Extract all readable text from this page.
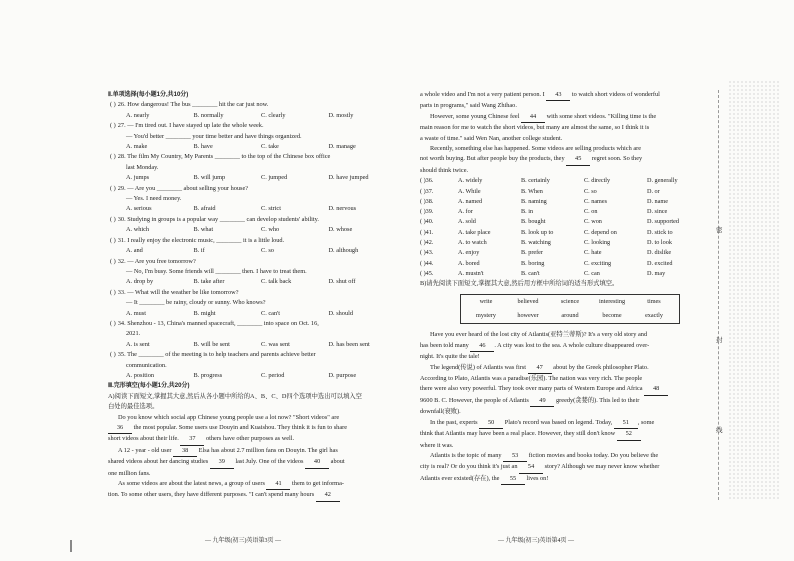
密
封
线
Ⅱ.单项选择(每小题1分,共10分)
( ) 26. How dangerous! The bus ________ hit the car just now.
A. nearly	B. normally	C. clearly	D. mostly
( ) 27. — I'm tired out. I have stayed up late the whole week.
— You'd better ________ your time better and have things organized.
A. make	B. have	C. take	D. manage
( ) 28. The film My Country, My Parents ________ to the top of the Chinese box office
last Monday.
A. jumps	B. will jump	C. jumped	D. have jumped
( ) 29. — Are you ________ about selling your house?
— Yes. I need money.
A. serious	B. afraid	C. strict	D. nervous
( ) 30. Studying in groups is a popular way ________ can develop students' ability.
A. which	B. what	C. who	D. whose
( ) 31. I really enjoy the electronic music, ________ it is a little loud.
A. and	B. if	C. so	D. although
( ) 32. — Are you free tomorrow?
— No, I'm busy. Some friends will ________ then. I have to treat them.
A. drop by	B. take after	C. talk back	D. shut off
( ) 33. — What will the weather be like tomorrow?
— It ________ be rainy, cloudy or sunny. Who knows?
A. must	B. might	C. can't	D. should
( ) 34. Shenzhou - 13, China's manned spacecraft, ________ into space on Oct. 16,
2021.
A. is sent	B. will be sent	C. was sent	D. has been sent
( ) 35. The ________ of the meeting is to help teachers and parents achieve better
communication.
A. position	B. progress	C. period	D. purpose
Ⅲ.完形填空(每小题1分,共20分)
A)阅读下面短文,掌握其大意,然后从各小题中所给的A、B、C、D四个选项中选出可以填入空
白处的最佳选项。
Do you know which social app Chinese young people use a lot now? "Short videos" are
36 the most popular. Some users use Douyin and Kuaishou. They think it is fun to share
short videos about their life. 37 others have other purposes as well.
A 12 - year - old user 38 Elsa has about 2.7 million fans on Douyin. The girl has
shared videos about her dancing studies 39 last July. One of the videos 40 about
one million fans.
As some videos are about the latest news, a group of users 41 them to get informa-
tion. To some other users, they have different purposes. "I can't spend many hours 42
a whole video and I'm not a very patient person. I 43 to watch short videos of wonderful
parts in programs," said Wang Zhihao.
However, some young Chinese feel 44 with some short videos. "Killing time is the
main reason for me to watch the short videos, but many are almost the same, so I think it is
a waste of time." said Wen Nan, another college student.
Recently, something else has happened. Some videos are selling products which are
not worth buying. But after people buy the products, they 45 regret soon. So they
should think twice.
( )36.	A. widely	B. certainly	C. directly	D. generally
( )37.	A. While	B. When	C. so	D. or
( )38.	A. named	B. naming	C. names	D. name
( )39.	A. for	B. in	C. on	D. since
( )40.	A. sold	B. bought	C. won	D. supported
( )41.	A. take place	B. look up to	C. depend on	D. stick to
( )42.	A. to watch	B. watching	C. looking	D. to look
( )43.	A. enjoy	B. prefer	C. hate	D. dislike
( )44.	A. bored	B. boring	C. exciting	D. excited
( )45.	A. mustn't	B. can't	C. can	D. may
B)请先阅读下面短文,掌握其大意,然后用方框中所给词的适当形式填空。
write	believed	science	interesting	times
mystery	however	around	become	exactly
Have you ever heard of the lost city of Atlantis(亚特兰蒂斯)? It's a very old story and
has been told many 46 . A city was lost to the sea. A whole culture disappeared over-
night. It's quite the tale!
The legend(传说) of Atlantis was first 47 about by the Greek philosopher Plato.
According to Plato, Atlantis was a paradise(乐园). The nation was very rich. The people
there were also very powerful. They took over many parts of Western Europe and Africa 48
9600 B. C. However, the people of Atlantis 49 greedy(贪婪的). This led to their
downfall(衰败).
In the past, experts 50 Plato's record was based on legend. Today, 51 , some
think that Atlantis may have been a real place. However, they still don't know 52
where it was.
Atlantis is the topic of many 53 fiction movies and books today. Do you believe the
city is real? Or do you think it's just an 54 story? Although we may never know whether
Atlantis ever existed(存在), the 55 lives on!
— 九年级(初三)英语第3页 —	— 九年级(初三)英语第4页 —
